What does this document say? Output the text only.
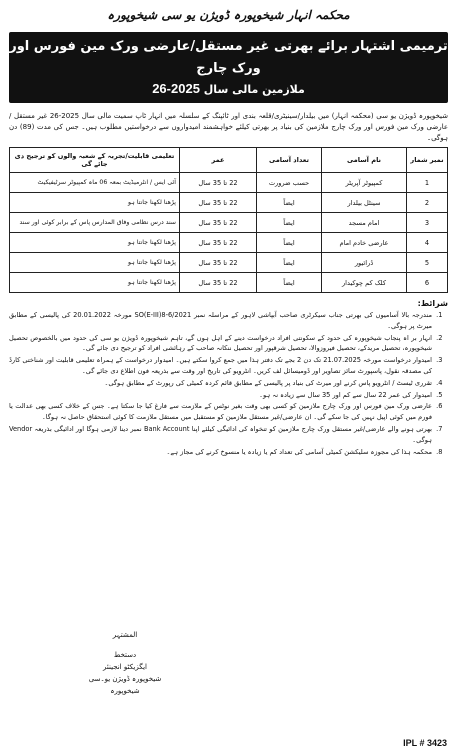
محکمہ انہار شیخوپورہ ڈویژن یو سی شیخوپورہ
ترمیمی اشتہار برائے بھرتی غیر مستقل/عارضی ورک مین فورس اور ورک چارج
ملازمین مالی سال 2025-26
شیخوپورہ ڈویژن یو سی (محکمہ انہار) میں بیلدار/سینیٹری/قلعہ بندی اور ٹائپنگ کے سلسلہ میں انہار ٹاپ سمیت مالی سال 2025-26 غیر مستقل / عارضی ورک مین فورس اور ورک چارج ملازمین کی بنیاد پر بھرتی کیلئے خواہشمند امیدواروں سے درخواستیں مطلوب ہیں۔ جس کی مدت (89) دن ہوگی۔
نمبر شمار	نام آسامی	تعداد آسامی	عمر	تعلیمی قابلیت/تجربہ کے شعبہ والوں کو ترجیح دی جائے گی
1	کمپیوٹر آپریٹر	حسب ضرورت	22 تا 35 سال	آئی ایس / انٹرمیڈیٹ بمعہ 06 ماہ کمپیوٹر سرٹیفیکیٹ
2	سینٹل بیلدار	ایضاً	22 تا 35 سال	پڑھنا لکھنا جانتا ہو
3	امام مسجد	ایضاً	22 تا 35 سال	سند درس نظامی وفاق المدارس پاس کے برابر کوئی اور سند
4	عارضی خادم امام	ایضاً	22 تا 35 سال	پڑھنا لکھنا جانتا ہو
5	ڈرائیور	ایضاً	22 تا 35 سال	پڑھنا لکھنا جانتا ہو
6	کلک کم چوکیدار	ایضاً	22 تا 35 سال	پڑھنا لکھنا جانتا ہو
شرائط:
1. مندرجہ بالا آسامیوں کی بھرتی جناب سیکرٹری صاحب آبپاشی لاہور کے مراسلہ نمبر SO(E-III)8-6/2021 مورخہ 20.01.2022 کی پالیسی کے مطابق میرٹ پر ہوگی۔
2. انہار بر اہ پنجاب شیخوپورہ کی حدود کے سکونتی افراد درخواست دینے کے اہل ہوں گے، تاہم شیخوپورہ ڈویژن یو سی کی حدود میں بالخصوص تحصیل شیخوپورہ، تحصیل مریدکے، تحصیل فیروزوالا، تحصیل شرقپور اور تحصیل ننکانہ صاحب کے رہائشی افراد کو ترجیح دی جائے گی۔
3. امیدوار درخواست مورخہ 21.07.2025 تک دن 2 بجے تک دفتر ہذا میں جمع کروا سکتے ہیں۔ امیدوار درخواست کے ہمراہ تعلیمی قابلیت اور شناختی کارڈ کی مصدقہ نقول، پاسپورٹ سائز تصاویر اور ڈومیسائل لف کریں۔ انٹرویو کی تاریخ اور وقت سے بذریعہ فون اطلاع دی جائے گی۔
4. تقرری ٹیسٹ / انٹرویو پاس کرنے اور میرٹ کی بنیاد پر پالیسی کے مطابق قائم کردہ کمیٹی کی رپورٹ کے مطابق ہوگی۔
5. امیدوار کی عمر 22 سال سے کم اور 35 سال سے زیادہ نہ ہو۔
6. عارضی ورک مین فورس اور ورک چارج ملازمین کو کسی بھی وقت بغیر نوٹس کے ملازمت سے فارغ کیا جا سکتا ہے۔ جس کے خلاف کسی بھی عدالت یا فورم میں کوئی اپیل نہیں کی جا سکے گی۔ ان عارضی/غیر مستقل ملازمین کو مستقبل میں مستقل ملازمت کا کوئی استحقاق حاصل نہ ہوگا۔
7. بھرتی ہونے والے عارضی/غیر مستقل ورک چارج ملازمین کو تنخواہ کی ادائیگی کیلئے اپنا Bank Account نمبر دینا لازمی ہوگا اور ادائیگی بذریعہ Vendor ہوگی۔
8. محکمہ ہذا کی مجوزہ سلیکشن کمیٹی آسامی کی تعداد کم یا زیادہ یا منسوخ کرنے کی مجاز ہے۔
المشتہر
دستخط
ایگزیکٹو انجینئر
شیخوپورہ ڈویژن یو۔سی
شیخوپورہ
IPL # 3423
